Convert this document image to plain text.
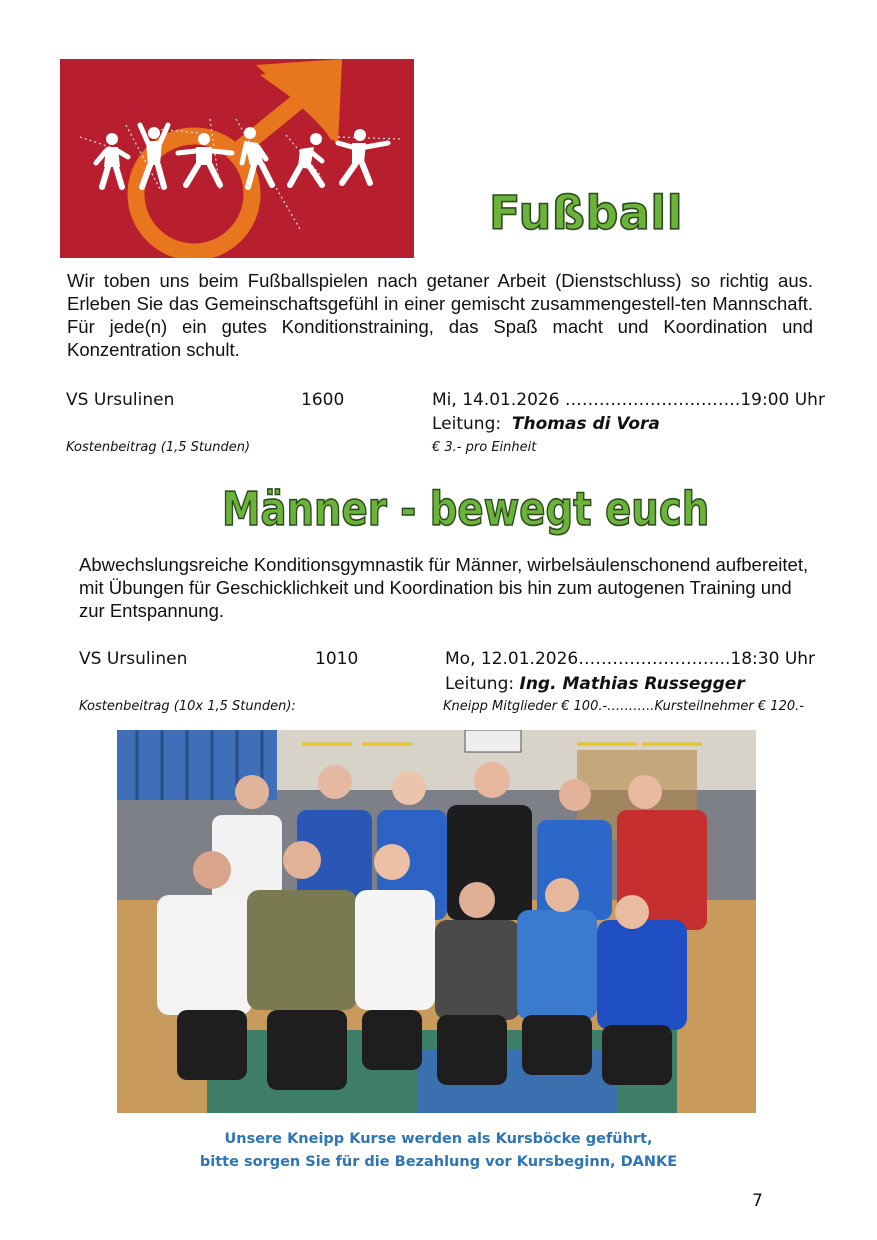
Fußball
Wir toben uns beim Fußballspielen nach getaner Arbeit (Dienstschluss) so richtig aus. Erleben Sie das Gemeinschaftsgefühl in einer gemischt zusammengestell-ten Mannschaft. Für jede(n) ein gutes Konditionstraining, das Spaß macht und Koordination und Konzentration schult.
VS Ursulinen	1600	Mi, 14.01.2026 ………………………….19:00 Uhr
Leitung: Thomas di Vora
Kostenbeitrag (1,5 Stunden)	€ 3.- pro Einheit
Männer - bewegt euch
Abwechslungsreiche Konditionsgymnastik für Männer, wirbelsäulenschonend aufbereitet, mit Übungen für Geschicklichkeit und Koordination bis hin zum autogenen Training und zur Entspannung.
VS Ursulinen	1010	Mo, 12.01.2026……………………...18:30 Uhr
Leitung: Ing. Mathias Russegger
Kostenbeitrag (10x 1,5 Stunden):	Kneipp Mitglieder € 100.-………..Kursteilnehmer € 120.-
Unsere Kneipp Kurse werden als Kursböcke geführt,
bitte sorgen Sie für die Bezahlung vor Kursbeginn, DANKE
7
